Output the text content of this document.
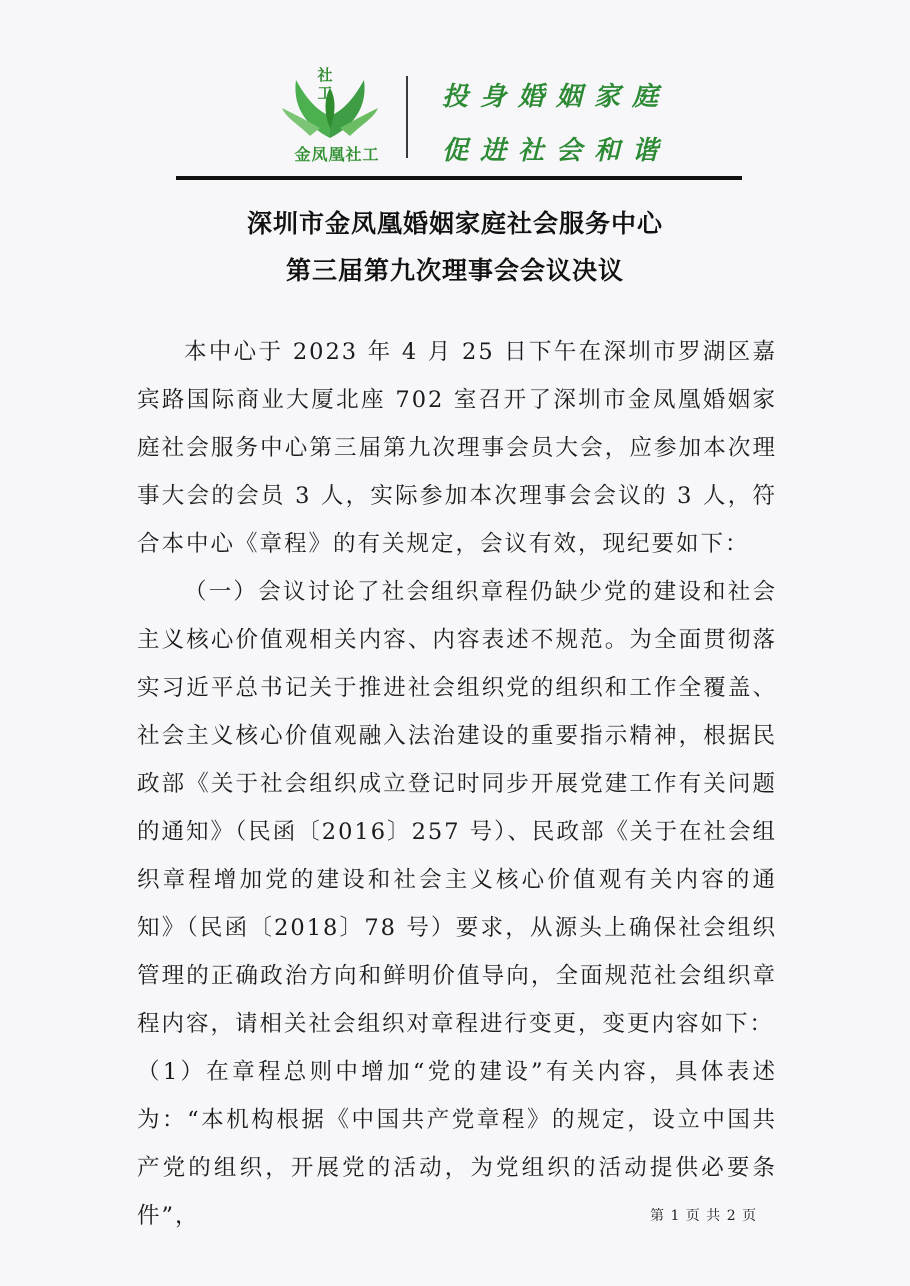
社工
金凤凰社工
投身婚姻家庭
促进社会和谐
深圳市金凤凰婚姻家庭社会服务中心
第三届第九次理事会会议决议

本中心于 2023 年 4 月 25 日下午在深圳市罗湖区嘉宾路国际商业大厦北座 702 室召开了深圳市金凤凰婚姻家庭社会服务中心第三届第九次理事会员大会，应参加本次理事大会的会员 3 人，实际参加本次理事会会议的 3 人，符合本中心《章程》的有关规定，会议有效，现纪要如下：

（一）会议讨论了社会组织章程仍缺少党的建设和社会主义核心价值观相关内容、内容表述不规范。为全面贯彻落实习近平总书记关于推进社会组织党的组织和工作全覆盖、社会主义核心价值观融入法治建设的重要指示精神，根据民政部《关于社会组织成立登记时同步开展党建工作有关问题的通知》（民函〔2016〕257 号）、民政部《关于在社会组织章程增加党的建设和社会主义核心价值观有关内容的通知》（民函〔2018〕78 号）要求，从源头上确保社会组织管理的正确政治方向和鲜明价值导向，全面规范社会组织章程内容，请相关社会组织对章程进行变更，变更内容如下：

（1）在章程总则中增加“党的建设”有关内容，具体表述为：“本机构根据《中国共产党章程》的规定，设立中国共产党的组织，开展党的活动，为党组织的活动提供必要条件”，	第 1 页 共 2 页
